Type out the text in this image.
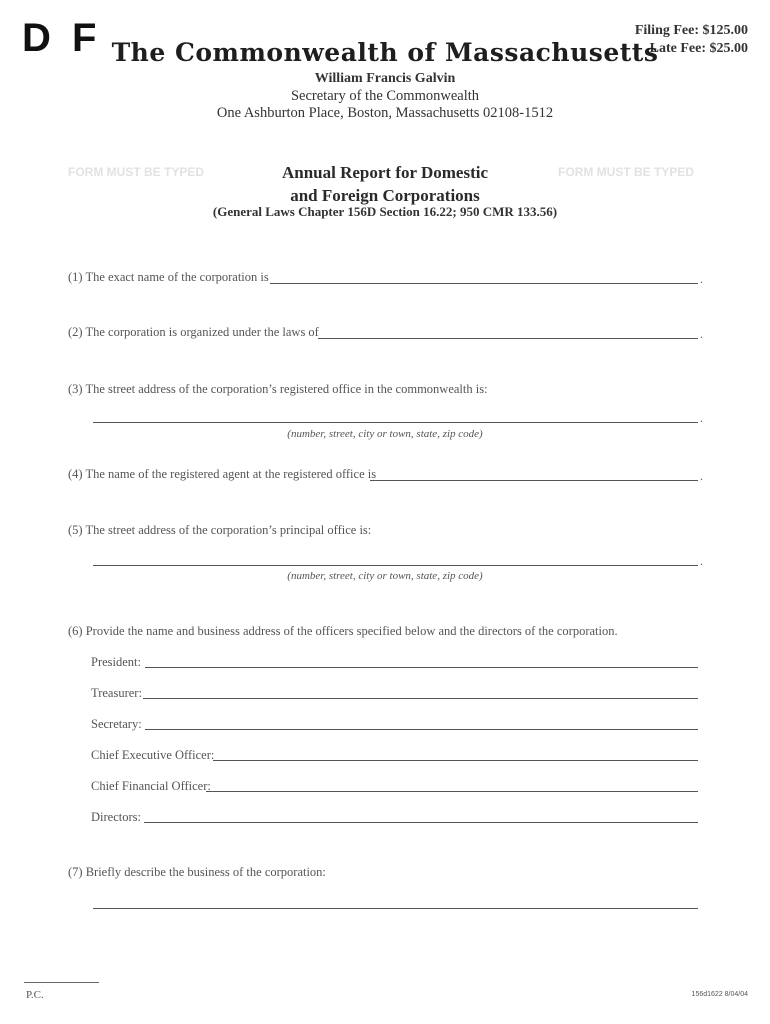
D F	Filing Fee: $125.00
Late Fee: $25.00
The Commonwealth of Massachusetts
William Francis Galvin
Secretary of the Commonwealth
One Ashburton Place, Boston, Massachusetts 02108-1512
FORM MUST BE TYPED	FORM MUST BE TYPED
Annual Report for Domestic
and Foreign Corporations
(General Laws Chapter 156D Section 16.22; 950 CMR 133.56)
(1) The exact name of the corporation is	.
(2) The corporation is organized under the laws of	.
(3) The street address of the corporation’s registered office in the commonwealth is:
.
(number, street, city or town, state, zip code)
(4) The name of the registered agent at the registered office is	.
(5) The street address of the corporation’s principal office is:
.
(number, street, city or town, state, zip code)
(6) Provide the name and business address of the officers specified below and the directors of the corporation.
President:
Treasurer:
Secretary:
Chief Executive Officer:
Chief Financial Officer:
Directors:
(7) Briefly describe the business of the corporation:
P.C.	156d1622 8/04/04
